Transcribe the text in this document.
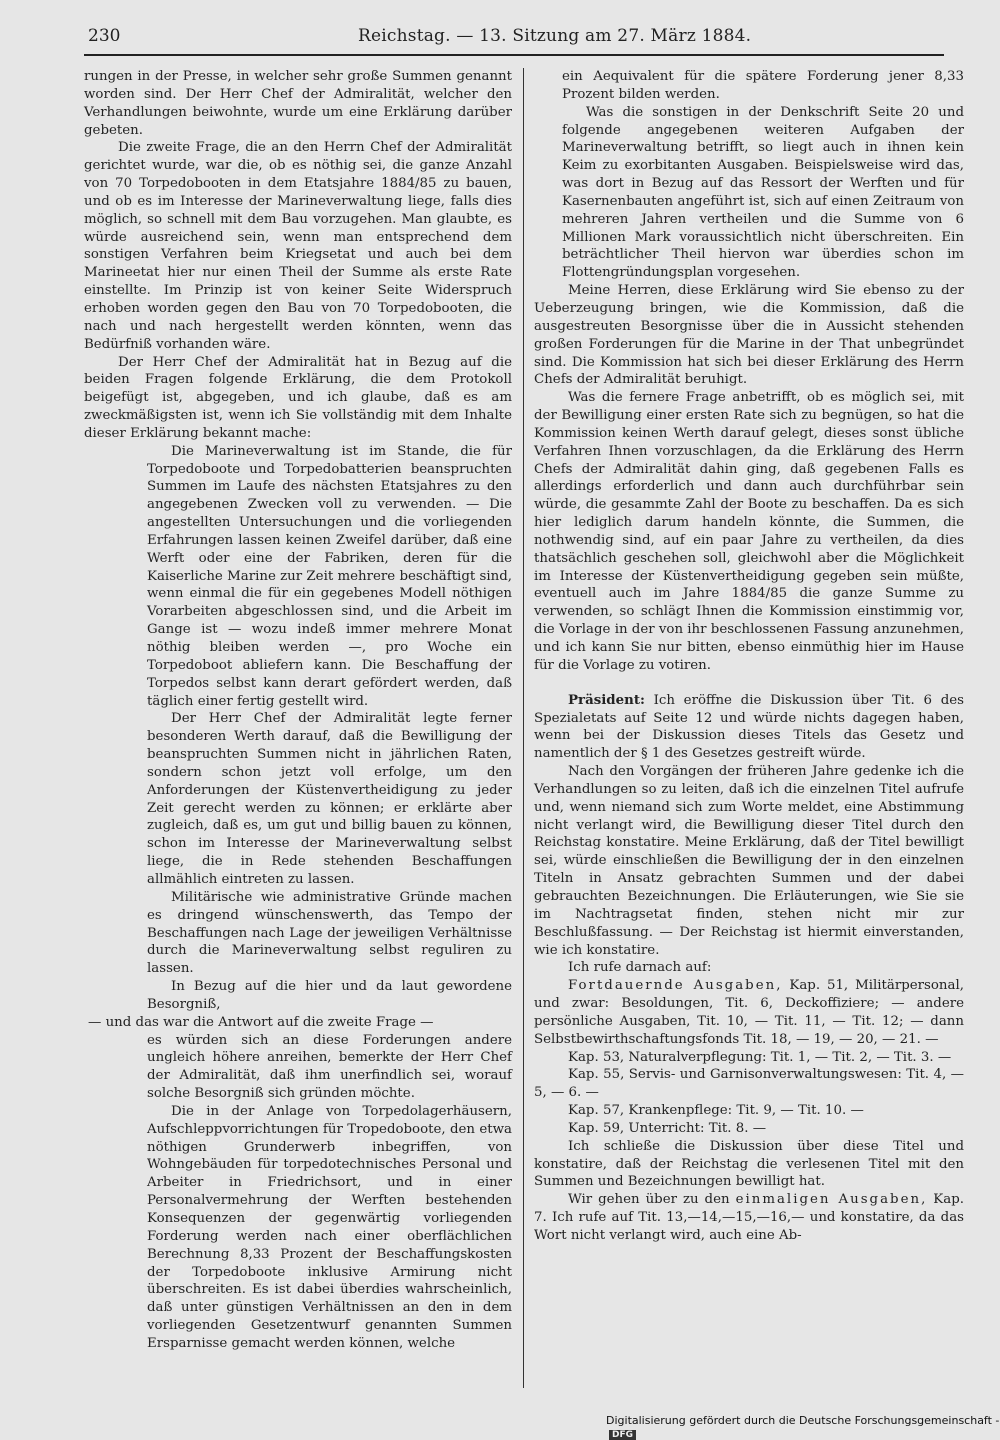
230	Reichstag. — 13. Sitzung am 27. März 1884.

rungen in der Presse, in welcher sehr große Summen genannt worden sind. Der Herr Chef der Admiralität, welcher den Verhandlungen beiwohnte, wurde um eine Erklärung darüber gebeten.

Die zweite Frage, die an den Herrn Chef der Admiralität gerichtet wurde, war die, ob es nöthig sei, die ganze Anzahl von 70 Torpedobooten in dem Etatsjahre 1884/85 zu bauen, und ob es im Interesse der Marineverwaltung liege, falls dies möglich, so schnell mit dem Bau vorzugehen. Man glaubte, es würde ausreichend sein, wenn man entsprechend dem sonstigen Verfahren beim Kriegsetat und auch bei dem Marineetat hier nur einen Theil der Summe als erste Rate einstellte. Im Prinzip ist von keiner Seite Widerspruch erhoben worden gegen den Bau von 70 Torpedobooten, die nach und nach hergestellt werden könnten, wenn das Bedürfniß vorhanden wäre.

Der Herr Chef der Admiralität hat in Bezug auf die beiden Fragen folgende Erklärung, die dem Protokoll beigefügt ist, abgegeben, und ich glaube, daß es am zweckmäßigsten ist, wenn ich Sie vollständig mit dem Inhalte dieser Erklärung bekannt mache:

Die Marineverwaltung ist im Stande, die für Torpedoboote und Torpedobatterien beanspruchten Summen im Laufe des nächsten Etatsjahres zu den angegebenen Zwecken voll zu verwenden. — Die angestellten Untersuchungen und die vorliegenden Erfahrungen lassen keinen Zweifel darüber, daß eine Werft oder eine der Fabriken, deren für die Kaiserliche Marine zur Zeit mehrere beschäftigt sind, wenn einmal die für ein gegebenes Modell nöthigen Vorarbeiten abgeschlossen sind, und die Arbeit im Gange ist — wozu indeß immer mehrere Monat nöthig bleiben werden —, pro Woche ein Torpedoboot abliefern kann. Die Beschaffung der Torpedos selbst kann derart gefördert werden, daß täglich einer fertig gestellt wird.

Der Herr Chef der Admiralität legte ferner besonderen Werth darauf, daß die Bewilligung der beanspruchten Summen nicht in jährlichen Raten, sondern schon jetzt voll erfolge, um den Anforderungen der Küstenvertheidigung zu jeder Zeit gerecht werden zu können; er erklärte aber zugleich, daß es, um gut und billig bauen zu können, schon im Interesse der Marineverwaltung selbst liege, die in Rede stehenden Beschaffungen allmählich eintreten zu lassen.

Militärische wie administrative Gründe machen es dringend wünschenswerth, das Tempo der Beschaffungen nach Lage der jeweiligen Verhältnisse durch die Marineverwaltung selbst reguliren zu lassen.

In Bezug auf die hier und da laut gewordene Besorgniß,

— und das war die Antwort auf die zweite Frage —

es würden sich an diese Forderungen andere ungleich höhere anreihen, bemerkte der Herr Chef der Admiralität, daß ihm unerfindlich sei, worauf solche Besorgniß sich gründen möchte.

Die in der Anlage von Torpedolagerhäusern, Aufschleppvorrichtungen für Tropedoboote, den etwa nöthigen Grunderwerb inbegriffen, von Wohngebäuden für torpedotechnisches Personal und Arbeiter in Friedrichsort, und in einer Personalvermehrung der Werften bestehenden Konsequenzen der gegenwärtig vorliegenden Forderung werden nach einer oberflächlichen Berechnung 8,33 Prozent der Beschaffungskosten der Torpedoboote inklusive Armirung nicht überschreiten. Es ist dabei überdies wahrscheinlich, daß unter günstigen Verhältnissen an den in dem vorliegenden Gesetzentwurf genannten Summen Ersparnisse gemacht werden können, welche

ein Aequivalent für die spätere Forderung jener 8,33 Prozent bilden werden.

Was die sonstigen in der Denkschrift Seite 20 und folgende angegebenen weiteren Aufgaben der Marineverwaltung betrifft, so liegt auch in ihnen kein Keim zu exorbitanten Ausgaben. Beispielsweise wird das, was dort in Bezug auf das Ressort der Werften und für Kasernenbauten angeführt ist, sich auf einen Zeitraum von mehreren Jahren vertheilen und die Summe von 6 Millionen Mark voraussichtlich nicht überschreiten. Ein beträchtlicher Theil hiervon war überdies schon im Flottengründungsplan vorgesehen.

Meine Herren, diese Erklärung wird Sie ebenso zu der Ueberzeugung bringen, wie die Kommission, daß die ausgestreuten Besorgnisse über die in Aussicht stehenden großen Forderungen für die Marine in der That unbegründet sind. Die Kommission hat sich bei dieser Erklärung des Herrn Chefs der Admiralität beruhigt.

Was die fernere Frage anbetrifft, ob es möglich sei, mit der Bewilligung einer ersten Rate sich zu begnügen, so hat die Kommission keinen Werth darauf gelegt, dieses sonst übliche Verfahren Ihnen vorzuschlagen, da die Erklärung des Herrn Chefs der Admiralität dahin ging, daß gegebenen Falls es allerdings erforderlich und dann auch durchführbar sein würde, die gesammte Zahl der Boote zu beschaffen. Da es sich hier lediglich darum handeln könnte, die Summen, die nothwendig sind, auf ein paar Jahre zu vertheilen, da dies thatsächlich geschehen soll, gleichwohl aber die Möglichkeit im Interesse der Küstenvertheidigung gegeben sein müßte, eventuell auch im Jahre 1884/85 die ganze Summe zu verwenden, so schlägt Ihnen die Kommission einstimmig vor, die Vorlage in der von ihr beschlossenen Fassung anzunehmen, und ich kann Sie nur bitten, ebenso einmüthig hier im Hause für die Vorlage zu votiren.

Präsident: Ich eröffne die Diskussion über Tit. 6 des Spezialetats auf Seite 12 und würde nichts dagegen haben, wenn bei der Diskussion dieses Titels das Gesetz und namentlich der § 1 des Gesetzes gestreift würde.

Nach den Vorgängen der früheren Jahre gedenke ich die Verhandlungen so zu leiten, daß ich die einzelnen Titel aufrufe und, wenn niemand sich zum Worte meldet, eine Abstimmung nicht verlangt wird, die Bewilligung dieser Titel durch den Reichstag konstatire. Meine Erklärung, daß der Titel bewilligt sei, würde einschließen die Bewilligung der in den einzelnen Titeln in Ansatz gebrachten Summen und der dabei gebrauchten Bezeichnungen. Die Erläuterungen, wie Sie sie im Nachtragsetat finden, stehen nicht mir zur Beschlußfassung. — Der Reichstag ist hiermit einverstanden, wie ich konstatire.

Ich rufe darnach auf:

Fortdauernde Ausgaben, Kap. 51, Militärpersonal, und zwar: Besoldungen, Tit. 6, Deckoffiziere; — andere persönliche Ausgaben, Tit. 10, — Tit. 11, — Tit. 12; — dann Selbstbewirthschaftungsfonds Tit. 18, — 19, — 20, — 21. —

Kap. 53, Naturalverpflegung: Tit. 1, — Tit. 2, — Tit. 3. —

Kap. 55, Servis- und Garnisonverwaltungswesen: Tit. 4, — 5, — 6. —

Kap. 57, Krankenpflege: Tit. 9, — Tit. 10. —

Kap. 59, Unterricht: Tit. 8. —

Ich schließe die Diskussion über diese Titel und konstatire, daß der Reichstag die verlesenen Titel mit den Summen und Bezeichnungen bewilligt hat.

Wir gehen über zu den einmaligen Ausgaben, Kap. 7. Ich rufe auf Tit. 13,—14,—15,—16,— und konstatire, da das Wort nicht verlangt wird, auch eine Ab-

Digitalisierung gefördert durch die Deutsche Forschungsgemeinschaft -DFG
